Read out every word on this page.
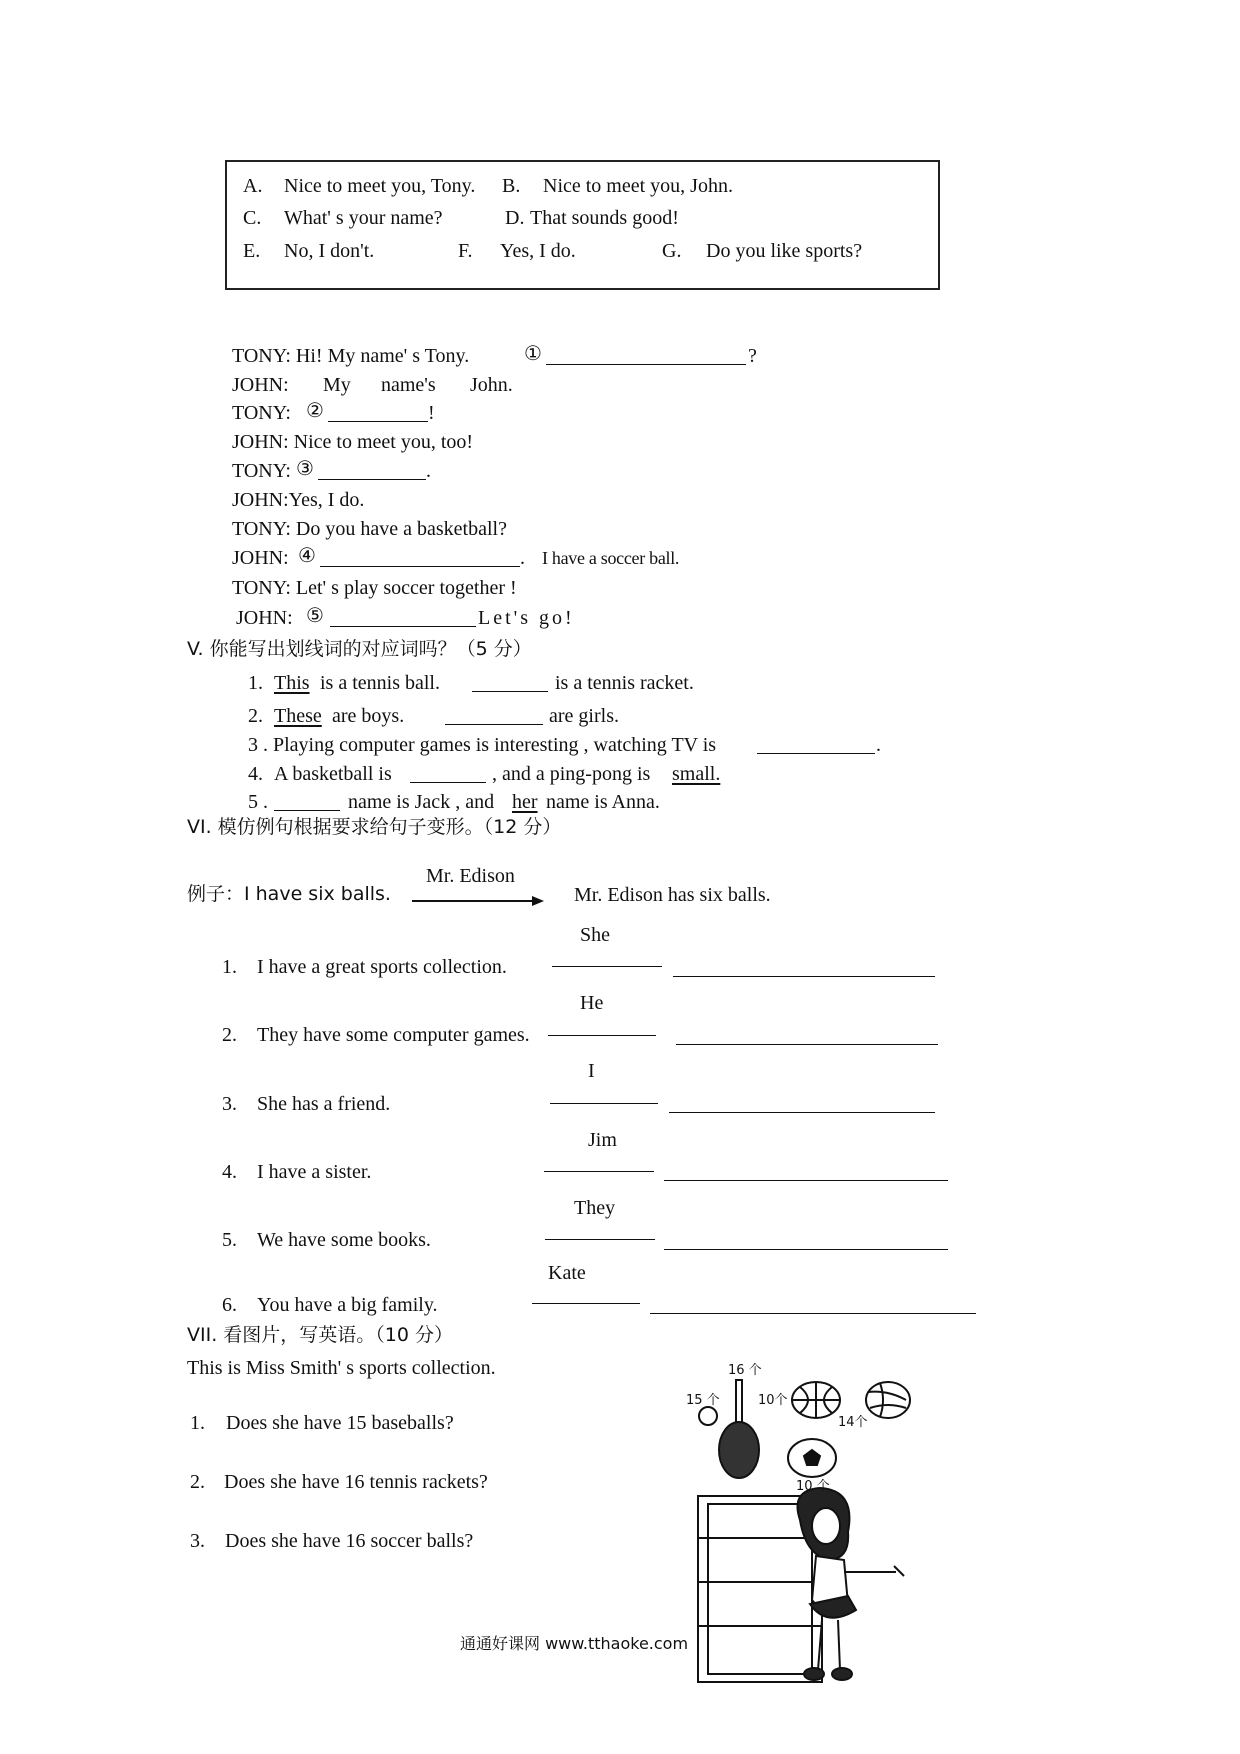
A. Nice to meet you, Tony. B. Nice to meet you, John.
C. What' s your name?	D. That sounds good!
E. No, I don't.	F. Yes, I do.	G. Do you like sports?
TONY: Hi! My name' s Tony.	①	?
JOHN: My name's John.
TONY: ②	!
JOHN: Nice to meet you, too!
TONY: ③	.
JOHN:Yes, I do.
TONY: Do you have a basketball?
JOHN: ④	. I have a soccer ball.
TONY: Let' s play soccer together !
JOHN: ⑤	Let's go!
V. 你能写出划线词的对应词吗？（5 分）
1. This is a tennis ball.	is a tennis racket.
2. These are boys.	are girls.
3 . Playing computer games is interesting , watching TV is	.
4. A basketball is	, and a ping-pong is small.
5 .	name is Jack , and her name is Anna.
VI. 模仿例句根据要求给句子变形。（12 分）
Mr. Edison
例子：I have six balls.	Mr. Edison has six balls.
She
1. I have a great sports collection.
He
2. They have some computer games.
I
3. She has a friend.
Jim
4. I have a sister.
They
5. We have some books.
Kate
6. You have a big family.
VII. 看图片，写英语。（10 分）
This is Miss Smith' s sports collection.
1. Does she have 15 baseballs?
2. Does she have 16 tennis rackets?
3. Does she have 16 soccer balls?
16 个
15 个	10个
14个
10 个
通通好课网 www.tthaoke.com
